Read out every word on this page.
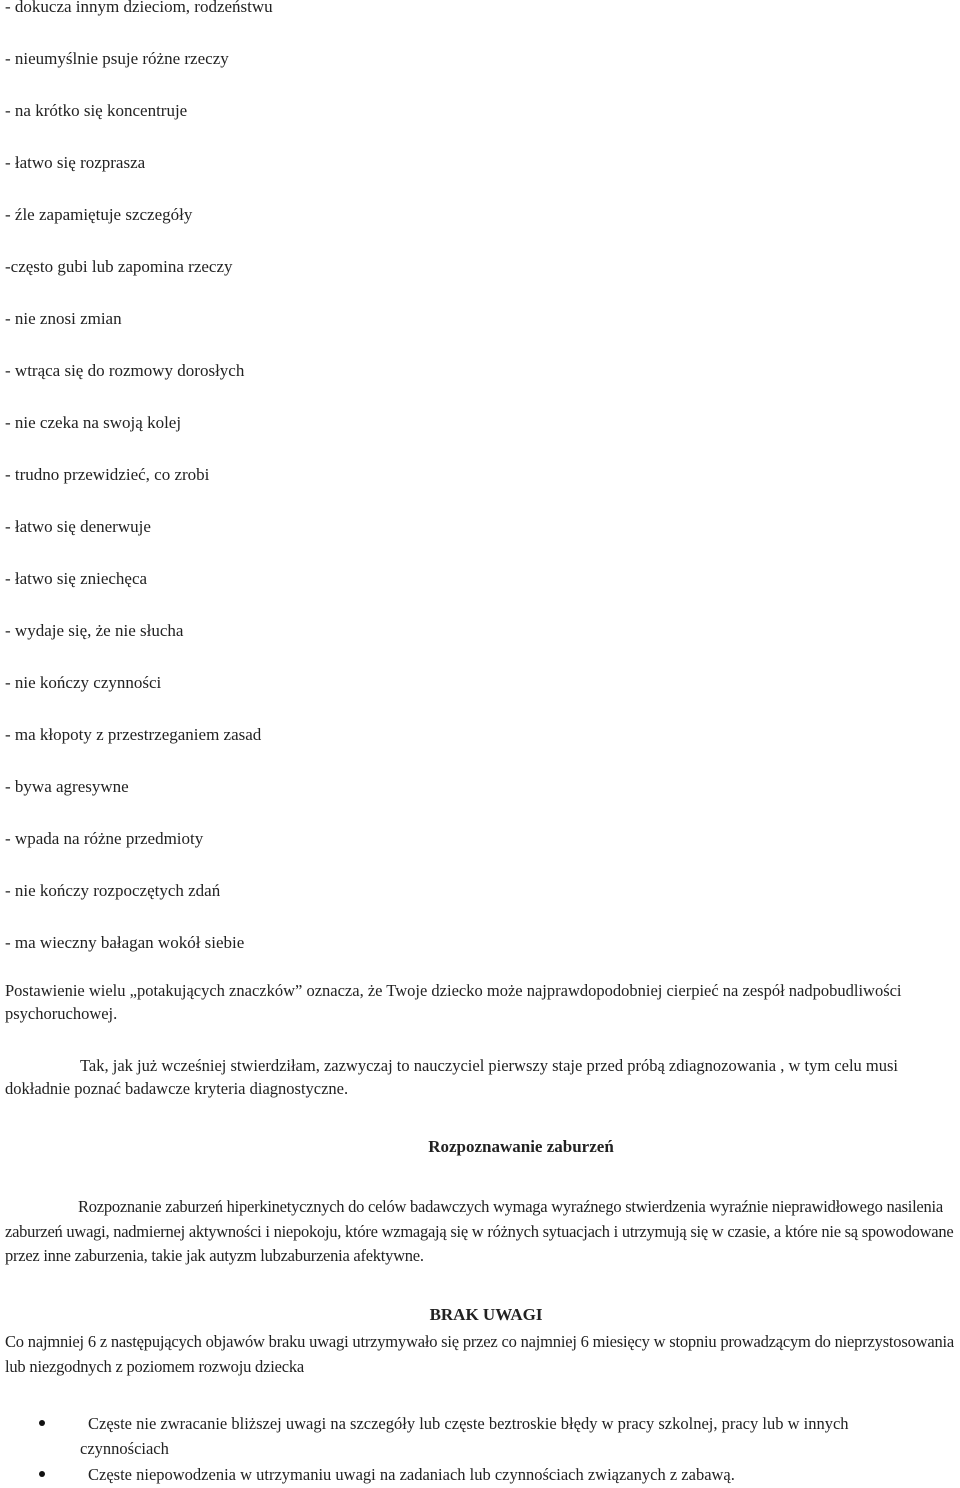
- dokucza innym dzieciom, rodzeństwu
- nieumyślnie psuje różne rzeczy
- na krótko się koncentruje
- łatwo się rozprasza
- źle zapamiętuje szczegóły
-często gubi lub zapomina rzeczy
- nie znosi zmian
- wtrąca się do rozmowy dorosłych
- nie czeka na swoją kolej
- trudno przewidzieć, co zrobi
- łatwo się denerwuje
- łatwo się zniechęca
- wydaje się, że nie słucha
- nie kończy czynności
- ma kłopoty z przestrzeganiem zasad
- bywa agresywne
- wpada na różne przedmioty
- nie kończy rozpoczętych zdań
- ma wieczny bałagan wokół siebie

Postawienie wielu „potakujących znaczków” oznacza, że Twoje dziecko może najprawdopodobniej cierpieć na zespół nadpobudliwości psychoruchowej.

Tak, jak już wcześniej stwierdziłam, zazwyczaj to nauczyciel pierwszy staje przed próbą zdiagnozowania , w tym celu musi dokładnie poznać badawcze kryteria diagnostyczne.

Rozpoznawanie zaburzeń

Rozpoznanie zaburzeń hiperkinetycznych do celów badawczych wymaga wyraźnego stwierdzenia wyraźnie nieprawidłowego nasilenia zaburzeń uwagi, nadmiernej aktywności i niepokoju, które wzmagają się w różnych sytuacjach i utrzymują się w czasie, a które nie są spowodowane przez inne zaburzenia, takie jak autyzm lubzaburzenia afektywne.

BRAK UWAGI

Co najmniej 6 z następujących objawów braku uwagi utrzymywało się przez co najmniej 6 miesięcy w stopniu prowadzącym do nieprzystosowania lub niezgodnych z poziomem rozwoju dziecka

Częste nie zwracanie bliższej uwagi na szczegóły lub częste beztroskie błędy w pracy szkolnej, pracy lub w innych czynnościach
Częste niepowodzenia w utrzymaniu uwagi na zadaniach lub czynnościach związanych z zabawą.
